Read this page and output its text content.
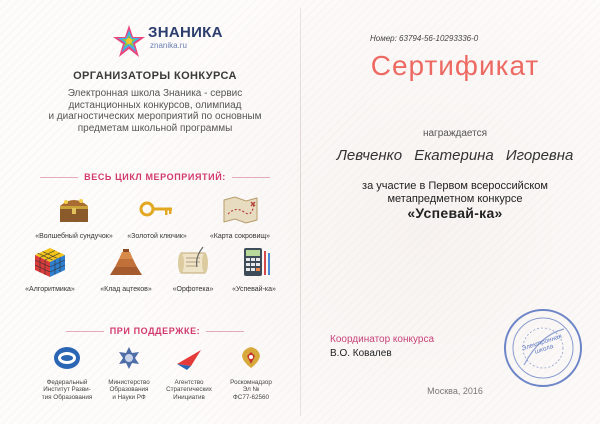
ЗНАНИКА
znanika.ru
ОРГАНИЗАТОРЫ КОНКУРСА
Электронная школа Знаника - сервис
дистанционных конкурсов, олимпиад
и диагностических мероприятий по основным
предметам школьной программы
ВЕСЬ ЦИКЛ МЕРОПРИЯТИЙ:
«Волшебный сундучок»	«Золотой ключик»	«Карта сокровищ»
«Алгоритмика»	«Клад ацтеков»	«Орфотека»	«Успевай-ка»
ПРИ ПОДДЕРЖКЕ:
Федеральный
Институт Разви-
тия Образования
Министерство
Образования
и Науки РФ
Агентство
Стратегических
Инициатив
Роскомнадзор
Эл №
ФС77-62560
Номер: 63794-56-10293336-0
Сертификат
награждается
Левченко Екатерина Игоревна
за участие в Первом всероссийском
метапредметном конкурсе
«Успевай-ка»
Координатор конкурса
В.О. Ковалев
Электронная школа
Москва, 2016
